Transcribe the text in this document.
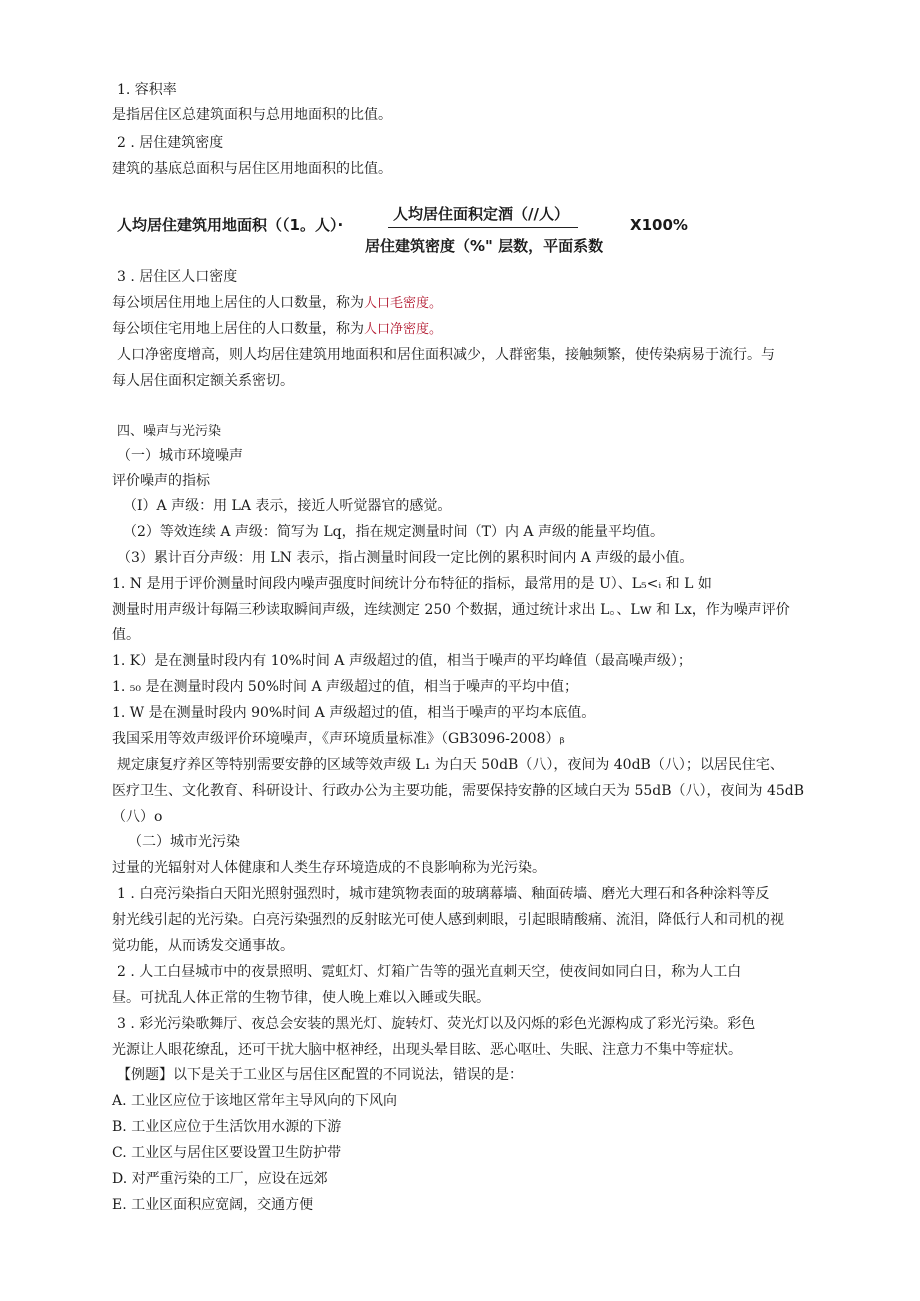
1. 容积率
是指居住区总建筑面积与总用地面积的比值。
2 . 居住建筑密度
建筑的基底总面积与居住区用地面积的比值。
人均居住建筑用地面积（（1。人）·
人均居住面积定酒（//人）
居住建筑密度（%" 层数，平面系数
X100%
3 . 居住区人口密度
每公顷居住用地上居住的人口数量，称为人口毛密度。
每公顷住宅用地上居住的人口数量，称为人口净密度。
人口净密度增高，则人均居住建筑用地面积和居住面积减少，人群密集，接触频繁，使传染病易于流行。与
每人居住面积定额关系密切。
四、噪声与光污染
（一）城市环境噪声
评价噪声的指标
（I）A 声级：用 LA 表示，接近人听觉器官的感觉。
（2）等效连续 A 声级：简写为 Lq，指在规定测量时间（T）内 A 声级的能量平均值。
（3）累计百分声级：用 LN 表示，指占测量时间段一定比例的累积时间内 A 声级的最小值。
1. N 是用于评价测量时间段内噪声强度时间统计分布特征的指标，最常用的是 U）、L₅<ᵢ 和 L 如
测量时用声级计每隔三秒读取瞬间声级，连续测定 250 个数据，通过统计求出 L。、Lw 和 Lx，作为噪声评价
值。
1. K）是在测量时段内有 10%时间 A 声级超过的值，相当于噪声的平均峰值（最高噪声级）；
1. ₅₀ 是在测量时段内 50%时间 A 声级超过的值，相当于噪声的平均中值；
1. W 是在测量时段内 90%时间 A 声级超过的值，相当于噪声的平均本底值。
我国采用等效声级评价环境噪声，《声环境质量标准》（GB3096-2008）ᵦ
规定康复疗养区等特别需要安静的区域等效声级 L₁ 为白天 50dB（八），夜间为 40dB（八）；以居民住宅、
医疗卫生、文化教育、科研设计、行政办公为主要功能，需要保持安静的区域白天为 55dB（八），夜间为 45dB
（八）o
（二）城市光污染
过量的光辐射对人体健康和人类生存环境造成的不良影响称为光污染。
1 . 白亮污染指白天阳光照射强烈时，城市建筑物表面的玻璃幕墙、釉面砖墙、磨光大理石和各种涂料等反
射光线引起的光污染。白亮污染强烈的反射眩光可使人感到刺眼，引起眼睛酸痛、流泪，降低行人和司机的视
觉功能，从而诱发交通事故。
2 . 人工白昼城市中的夜景照明、霓虹灯、灯箱广告等的强光直刺天空，使夜间如同白日，称为人工白
昼。可扰乱人体正常的生物节律，使人晚上难以入睡或失眠。
3 . 彩光污染歌舞厅、夜总会安装的黑光灯、旋转灯、荧光灯以及闪烁的彩色光源构成了彩光污染。彩色
光源让人眼花缭乱，还可干扰大脑中枢神经，出现头晕目眩、恶心呕吐、失眠、注意力不集中等症状。
【例题】以下是关于工业区与居住区配置的不同说法，错误的是：
A. 工业区应位于该地区常年主导风向的下风向
B. 工业区应位于生活饮用水源的下游
C. 工业区与居住区要设置卫生防护带
D. 对严重污染的工厂，应设在远郊
E. 工业区面积应宽阔，交通方便
